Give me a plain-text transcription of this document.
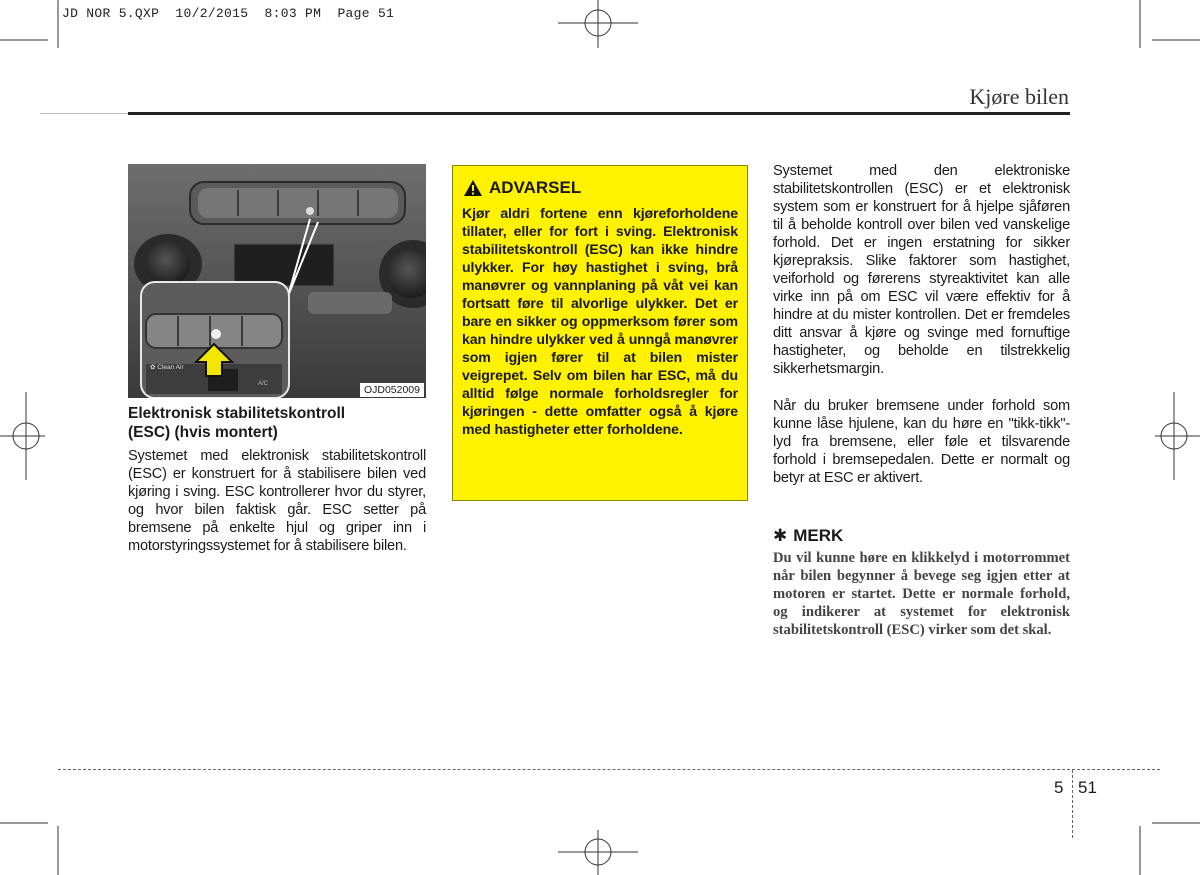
JD NOR 5.QXP  10/2/2015  8:03 PM  Page 51
Kjøre bilen
✿ Clean Air
A/C	OJD052009
Elektronisk stabilitetskontroll
(ESC) (hvis montert)
Systemet med elektronisk stabilitetskontroll (ESC) er konstruert for å stabilisere bilen ved kjøring i sving. ESC kontrollerer hvor du styrer, og hvor bilen faktisk går. ESC setter på bremsene på enkelte hjul og griper inn i motorstyringssystemet for å stabilisere bilen.
ADVARSEL
Kjør aldri fortene enn kjøreforholdene tillater, eller for fort i sving. Elektronisk stabilitetskontroll (ESC) kan ikke hindre ulykker. For høy hastighet i sving, brå manøvrer og vannplaning på våt vei kan fortsatt føre til alvorlige ulykker. Det er bare en sikker og oppmerksom fører som kan hindre ulykker ved å unngå manøvrer som igjen fører til at bilen mister veigrepet. Selv om bilen har ESC, må du alltid følge normale forholdsregler for kjøringen - dette omfatter også å kjøre med hastigheter etter forholdene.
Systemet med den elektroniske stabilitetskontrollen (ESC) er et elektronisk system som er konstruert for å hjelpe sjåføren til å beholde kontroll over bilen ved vanskelige forhold. Det er ingen erstatning for sikker kjørepraksis. Slike faktorer som hastighet, veiforhold og førerens styreaktivitet kan alle virke inn på om ESC vil være effektiv for å hindre at du mister kontrollen. Det er fremdeles ditt ansvar å kjøre og svinge med fornuftige hastigheter, og beholde en tilstrekkelig sikkerhetsmargin.
Når du bruker bremsene under forhold som kunne låse hjulene, kan du høre en "tikk-tikk"-lyd fra bremsene, eller føle et tilsvarende forhold i bremsepedalen. Dette er normalt og betyr at ESC er aktivert.
✱ MERK
Du vil kunne høre en klikkelyd i motorrommet når bilen begynner å bevege seg igjen etter at motoren er startet. Dette er normale forhold, og indikerer at systemet for elektronisk stabilitetskontroll (ESC) virker som det skal.
5 51
